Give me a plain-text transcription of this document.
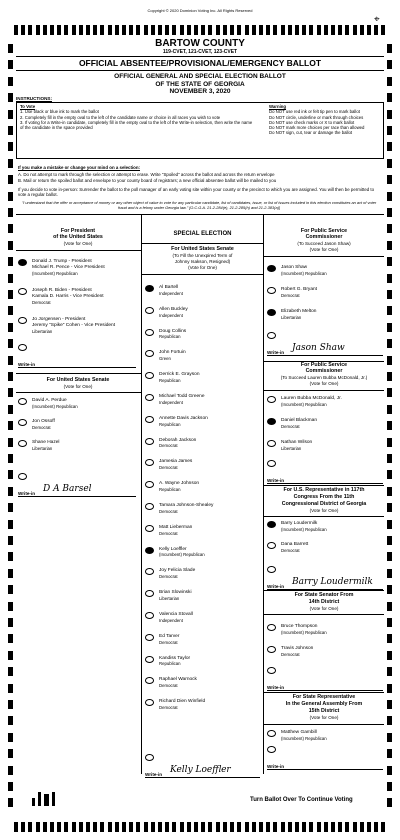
Copyright © 2020 Dominion Voting Inc. All Rights Reserved
⌖
BARTOW COUNTY
119-CVET, 121-CVET, 123-CVET
OFFICIAL ABSENTEE/PROVISIONAL/EMERGENCY BALLOT
OFFICIAL GENERAL AND SPECIAL ELECTION BALLOT
OF THE STATE OF GEORGIA
NOVEMBER 3, 2020
INSTRUCTIONS:
To Vote
1. Use black or blue ink to mark the ballot
2. Completely fill in the empty oval to the left of the candidate name or choice in all races you wish to vote
3. If voting for a Write-in candidate, completely fill in the empty oval to the left of the Write-in selection, then write the name of the candidate in the space provided
Warning
Do NOT use red ink or felt tip pen to mark ballot
Do NOT circle, underline or mark through choices
Do NOT use check marks or X to mark ballot
Do NOT mark more choices per race than allowed
Do NOT sign, cut, tear or damage the ballot
If you make a mistake or change your mind on a selection:
A. Do not attempt to mark through the selection or attempt to erase. Write "Spoiled" across the ballot and across the return envelope
B. Mail or return the spoiled ballot and envelope to your county board of registrars; a new official absentee ballot will be mailed to you
If you decide to vote in-person: Surrender the ballot to the poll manager of an early voting site within your county or the precinct to which you are assigned. You will then be permitted to vote a regular ballot.
"I understand that the offer or acceptance of money or any other object of value to vote for any particular candidate, list of candidates, issue, or list of issues included in this election constitutes an act of voter fraud and is a felony under Georgia law." [O.C.G.A. 21-2-284(e), 21-2-285(h) and 21-2-383(a)]
For President
of the United States
(Vote for One)
Donald J. Trump - President
Michael R. Pence - Vice President
(Incumbent) Republican
Joseph R. Biden - President
Kamala D. Harris - Vice President
Democrat
Jo Jorgensen - President
Jeremy "Spike" Cohen - Vice President
Libertarian
Write-in
For United States Senate
(Vote for One)
David A. Perdue
(Incumbent) Republican
Jon Ossoff
Democrat
Shane Hazel
Libertarian
Write-in D A Barsel
SPECIAL ELECTION
For United States Senate
(To Fill the Unexpired Term of
Johnny Isakson, Resigned)
(Vote for One)
Al Bartell
Independent
Allen Buckley
Independent
Doug Collins
Republican
John Fortuin
Green
Derrick E. Grayson
Republican
Michael Todd Greene
Independent
Annette Davis Jackson
Republican
Deborah Jackson
Democrat
Jamesia James
Democrat
A. Wayne Johnson
Republican
Tamara Johnson-Shealey
Democrat
Matt Lieberman
Democrat
Kelly Loeffler
(Incumbent) Republican
Joy Felicia Slade
Democrat
Brian Slowinski
Libertarian
Valencia Stovall
Independent
Ed Tarver
Democrat
Kandiss Taylor
Republican
Raphael Warnock
Democrat
Richard Dien Winfield
Democrat
Write-in Kelly Loeffler
For Public Service
Commissioner
(To Succeed Jason Shaw)
(Vote for One)
Jason Shaw
(Incumbent) Republican
Robert G. Bryant
Democrat
Elizabeth Melton
Libertarian
Write-in Jason Shaw
For Public Service
Commissioner
(To Succeed Lauren Bubba McDonald, Jr.)
(Vote for One)
Lauren Bubba McDonald, Jr.
(Incumbent) Republican
Daniel Blackman
Democrat
Nathan Wilson
Libertarian
Write-in
For U.S. Representative in 117th
Congress From the 11th
Congressional District of Georgia
(Vote for One)
Barry Loudermilk
(Incumbent) Republican
Dana Barrett
Democrat
Write-in Barry Loudermilk
For State Senator From
14th District
(Vote for One)
Bruce Thompson
(Incumbent) Republican
Travis Johnson
Democrat
Write-in
For State Representative
In the General Assembly From
15th District
(Vote for One)
Matthew Gambill
(Incumbent) Republican
Write-in
Turn Ballot Over To Continue Voting
